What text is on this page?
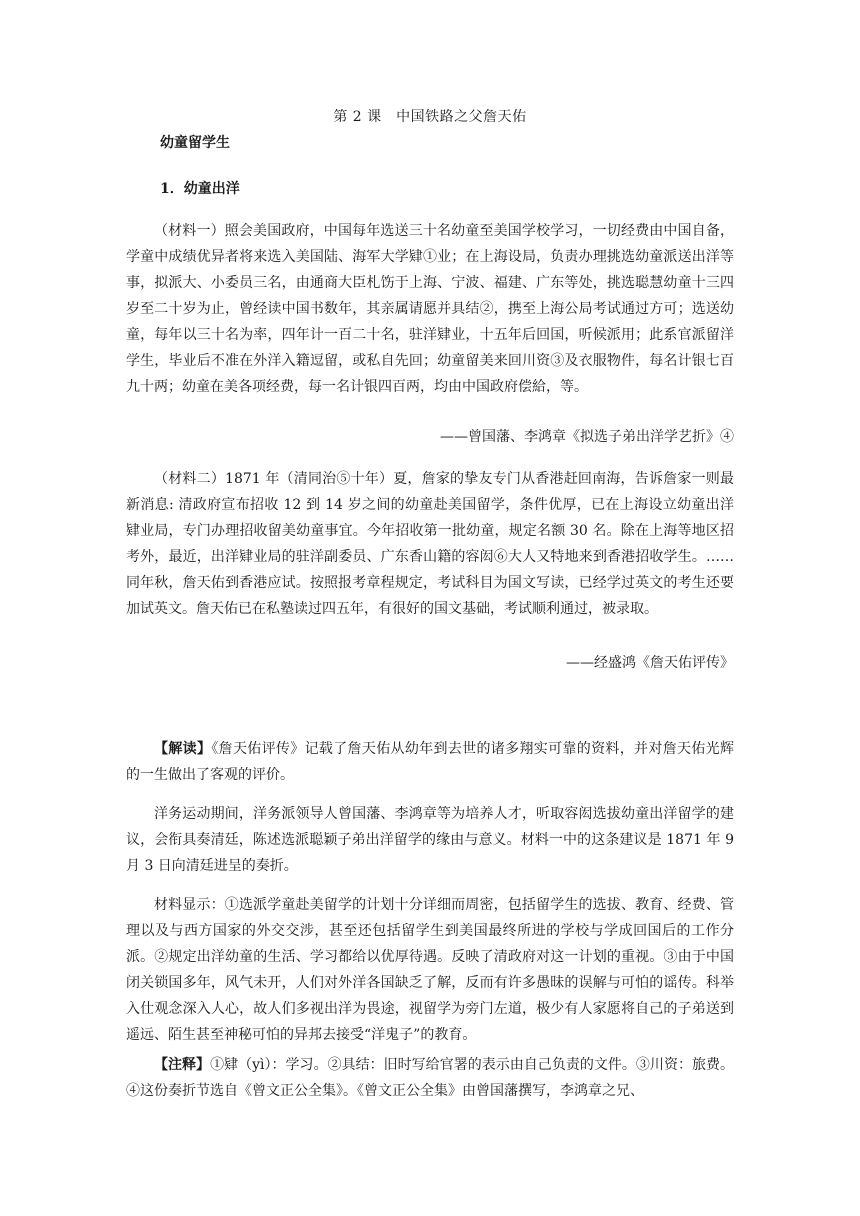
第 2 课　中国铁路之父詹天佑
幼童留学生
1．幼童出洋

（材料一）照会美国政府，中国每年选送三十名幼童至美国学校学习，一切经费由中国自备，学童中成绩优异者将来选入美国陆、海军大学肄①业；在上海设局，负责办理挑选幼童派送出洋等事，拟派大、小委员三名，由通商大臣札饬于上海、宁波、福建、广东等处，挑选聪慧幼童十三四岁至二十岁为止，曾经读中国书数年，其亲属请愿并具结②，携至上海公局考试通过方可；选送幼童，每年以三十名为率，四年计一百二十名，驻洋肄业，十五年后回国，听候派用；此系官派留洋学生，毕业后不准在外洋入籍逗留，或私自先回；幼童留美来回川资③及衣服物件，每名计银七百九十两；幼童在美各项经费，每一名计银四百两，均由中国政府偿給，等。

——曾国藩、李鸿章《拟选子弟出洋学艺折》④

（材料二）1871 年（清同治⑤十年）夏，詹家的挚友专门从香港赶回南海，告诉詹家一则最新消息: 清政府宣布招收 12 到 14 岁之间的幼童赴美国留学，条件优厚，已在上海设立幼童出洋肄业局，专门办理招收留美幼童事宜。今年招收第一批幼童，规定名额 30 名。除在上海等地区招考外，最近，出洋肄业局的驻洋副委员、广东香山籍的容闳⑥大人又特地来到香港招收学生。……同年秋，詹天佑到香港应试。按照报考章程规定，考试科目为国文写读，已经学过英文的考生还要加试英文。詹天佑已在私塾读过四五年，有很好的国文基础，考试顺利通过，被录取。

——经盛鸿《詹天佑评传》

【解读】《詹天佑评传》记载了詹天佑从幼年到去世的诸多翔实可靠的资料，并对詹天佑光辉的一生做出了客观的评价。

洋务运动期间，洋务派领导人曾国藩、李鸿章等为培养人才，听取容闳选拔幼童出洋留学的建议，会衔具奏清廷，陈述选派聪颖子弟出洋留学的缘由与意义。材料一中的这条建议是 1871 年 9 月 3 日向清廷进呈的奏折。

材料显示：①选派学童赴美留学的计划十分详细而周密，包括留学生的选拔、教育、经费、管理以及与西方国家的外交交涉，甚至还包括留学生到美国最终所进的学校与学成回国后的工作分派。②规定出洋幼童的生活、学习都给以优厚待遇。反映了清政府对这一计划的重视。③由于中国闭关锁国多年，风气未开，人们对外洋各国缺乏了解，反而有许多愚昧的误解与可怕的谣传。科举入仕观念深入人心，故人们多视出洋为畏途，视留学为旁门左道，极少有人家愿将自己的子弟送到遥远、陌生甚至神秘可怕的异邦去接受“洋鬼子”的教育。

【注释】①肄（yì）：学习。②具结：旧时写给官署的表示由自己负责的文件。③川资：旅费。④这份奏折节选自《曾文正公全集》。《曾文正公全集》由曾国藩撰写，李鸿章之兄、
